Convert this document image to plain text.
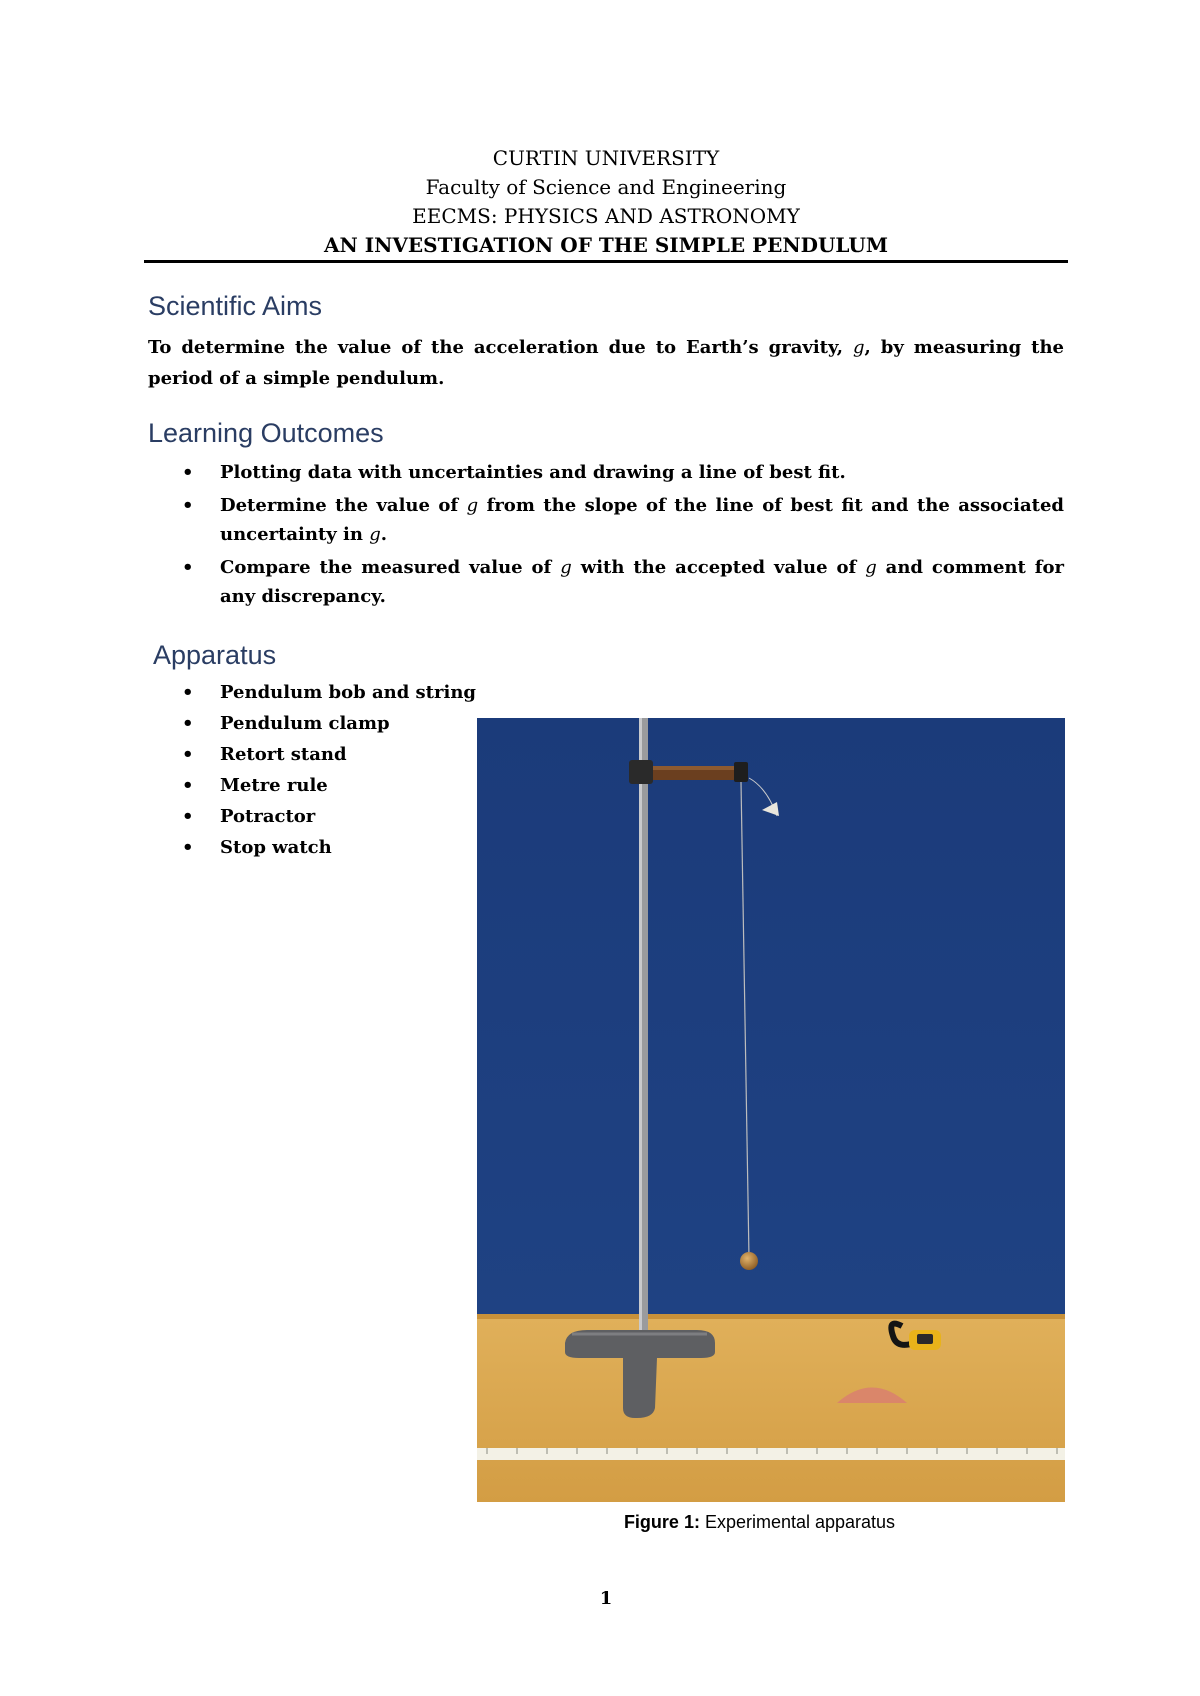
CURTIN UNIVERSITY
Faculty of Science and Engineering
EECMS: PHYSICS AND ASTRONOMY
AN INVESTIGATION OF THE SIMPLE PENDULUM
Scientific Aims
To determine the value of the acceleration due to Earth’s gravity, g, by measuring the period of a simple pendulum.
Learning Outcomes
• Plotting data with uncertainties and drawing a line of best fit.
• Determine the value of g from the slope of the line of best fit and the associated uncertainty in g.
• Compare the measured value of g with the accepted value of g and comment for any discrepancy.
Apparatus
• Pendulum bob and string
• Pendulum clamp
• Retort stand
• Metre rule
• Potractor
• Stop watch
Figure 1: Experimental apparatus
1
